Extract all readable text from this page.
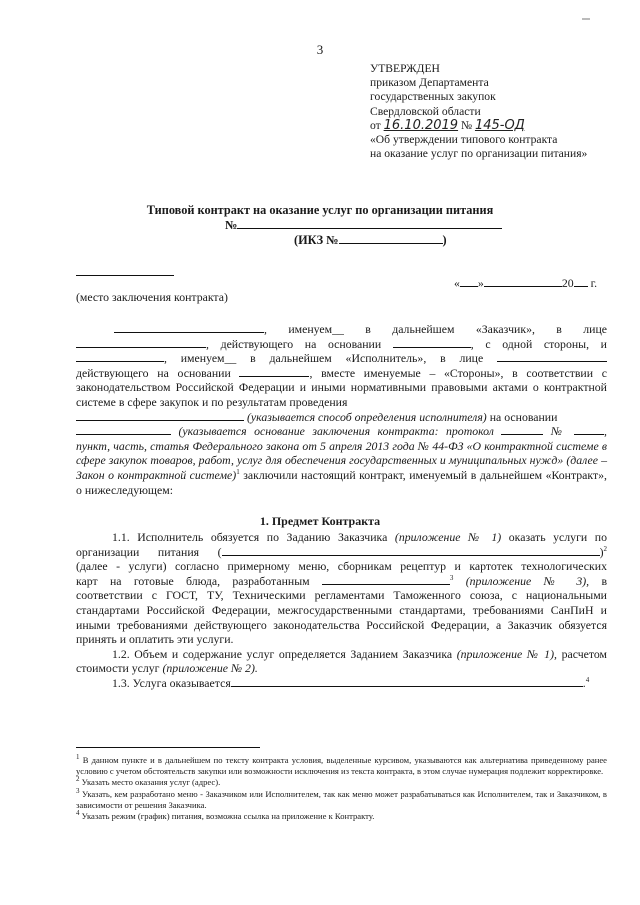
3
УТВЕРЖДЕН
приказом Департамента
государственных закупок
Свердловской области
от 16.10.2019 № 145-ОД
«Об утверждении типового контракта
на оказание услуг по организации питания»
Типовой контракт на оказание услуг по организации питания
№
(ИКЗ №	)
(место заключения контракта)
« »	20 г.
, именуем__ в дальнейшем «Заказчик», в лице
, действующего на основании	, с одной стороны, и
, именуем__ в дальнейшем «Исполнитель», в лице
действующего на основании	, вместе именуемые – «Стороны», в соответствии с законодательством Российской Федерации и иными нормативными правовыми актами о контрактной системе в сфере закупок и по результатам проведения
(указывается способ определения исполнителя) на основании
(указывается основание заключения контракта: протокол	№	,
пункт, часть, статья Федерального закона от 5 апреля 2013 года № 44-ФЗ «О контрактной системе в сфере закупок товаров, работ, услуг для обеспечения государственных и муниципальных нужд» (далее – Закон о контрактной системе)$^1$ заключили настоящий контракт, именуемый в дальнейшем «Контракт», о нижеследующем:
1. Предмет Контракта
1.1. Исполнитель обязуется по Заданию Заказчика (приложение № 1) оказать услуги по
организации питания (	)$^2$
(далее - услуги) согласно примерному меню, сборникам рецептур и картотек технологических
карт на готовые блюда, разработанным	$^3$ (приложение № 3), в
соответствии с ГОСТ, ТУ, Техническими регламентами Таможенного союза, с национальными стандартами Российской Федерации, межгосударственными стандартами, требованиями СанПиН и иными требованиями действующего законодательства Российской Федерации, а Заказчик обязуется принять и оплатить эти услуги.
1.2. Объем и содержание услуг определяется Заданием Заказчика (приложение № 1), расчетом стоимости услуг (приложение № 2).
1.3. Услуга оказывается	.$^4$
$^1$ В данном пункте и в дальнейшем по тексту контракта условия, выделенные курсивом, указываются как альтернатива приведенному ранее условию с учетом обстоятельств закупки или возможности исключения из текста контракта, в этом случае нумерация подлежит корректировке.
$^2$ Указать место оказания услуг (адрес).
$^3$ Указать, кем разработано меню - Заказчиком или Исполнителем, так как меню может разрабатываться как Исполнителем, так и Заказчиком, в зависимости от решения Заказчика.
$^4$ Указать режим (график) питания, возможна ссылка на приложение к Контракту.
